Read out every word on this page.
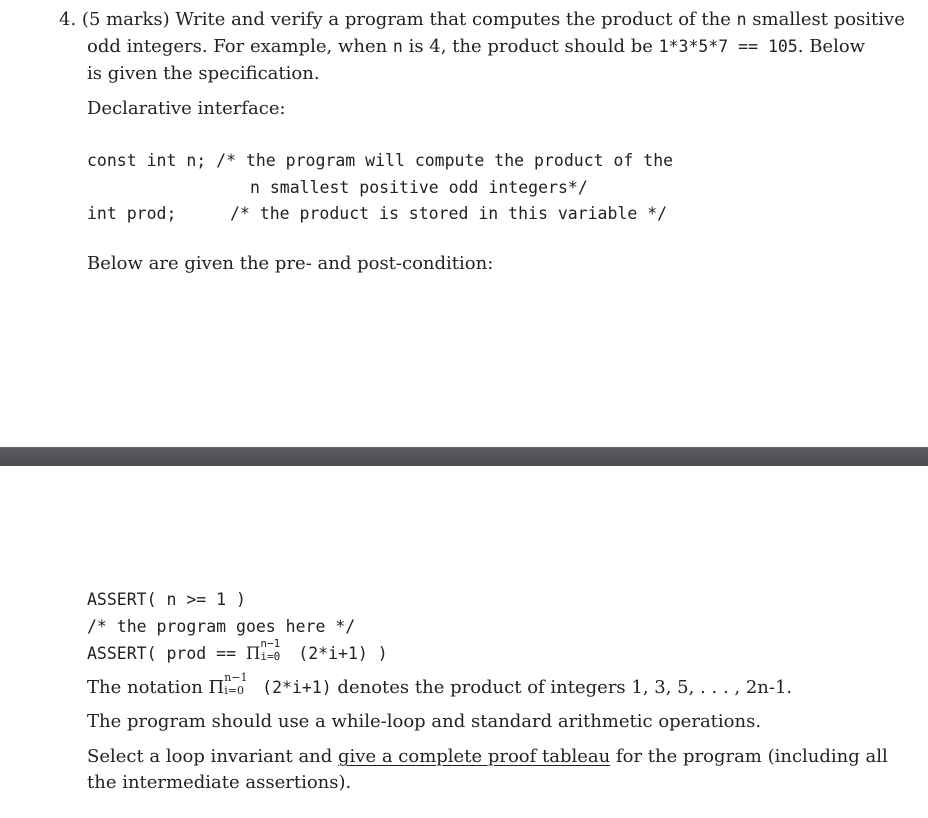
4. (5 marks) Write and verify a program that computes the product of the n smallest positive
odd integers. For example, when n is 4, the product should be 1*3*5*7 == 105. Below
is given the specification.
Declarative interface:
const int n; /* the program will compute the product of the
n smallest positive odd integers*/
int prod;	/* the product is stored in this variable */
Below are given the pre- and post-condition:
ASSERT( n >= 1 )
/* the program goes here */
ASSERT( prod == Π
n−1
i=0 (2*i+1) )
The notation Π n−1
i=0 (2*i+1) denotes the product of integers 1, 3, 5, . . . , 2n-1.
The program should use a while-loop and standard arithmetic operations.
Select a loop invariant and give a complete proof tableau for the program (including all
the intermediate assertions).
